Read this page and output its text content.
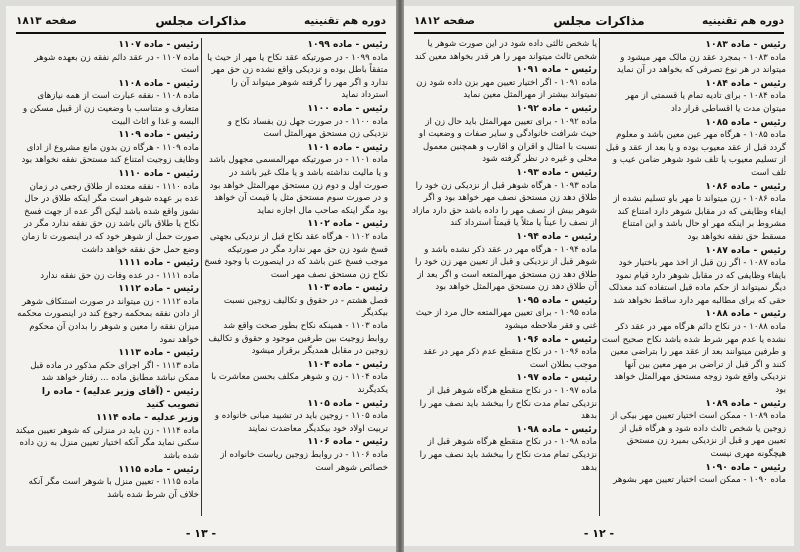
دوره هم تقنینیه
مذاکرات مجلس
صفحه ۱۸۱۳

رئیس - ماده ۱۰۹۹

ماده ۱۰۹۹ - در صورتیکه عقد نکاح یا مهر از حیث یا متفقاً باطل بوده و نزدیکی واقع نشده زن حق مهر ندارد و اگر مهر را گرفته شوهر میتواند آن را استرداد نماید

رئیس - ماده ۱۱۰۰

ماده ۱۱۰۰ - در صورت جهل زن بفساد نکاح و نزدیکی زن مستحق مهرالمثل است

رئیس - ماده ۱۱۰۱

ماده ۱۱۰۱ - در صورتیکه مهرالمسمی مجهول باشد و یا مالیت نداشته باشد و یا ملک غیر باشد در صورت اول و دوم زن مستحق مهرالمثل خواهد بود و در صورت سوم مستحق مثل یا قیمت آن خواهد بود مگر اینکه صاحب مال اجازه نماید

رئیس - ماده ۱۱۰۲

ماده ۱۱۰۲ - هرگاه عقد نکاح قبل از نزدیکی بجهتی فسخ شود زن حق مهر ندارد مگر در صورتیکه موجب فسخ عنن باشد که در اینصورت با وجود فسخ نکاح زن مستحق نصف مهر است

رئیس - ماده ۱۱۰۳

فصل هشتم - در حقوق و تکالیف زوجین نسبت بیکدیگر

ماده ۱۱۰۳ - همینکه نکاح بطور صحت واقع شد روابط زوجیت بین طرفین موجود و حقوق و تکالیف زوجین در مقابل همدیگر برقرار میشود

رئیس - ماده ۱۱۰۴

ماده ۱۱۰۴ - زن و شوهر مکلف بحسن معاشرت با یکدیگرند

رئیس - ماده ۱۱۰۵

ماده ۱۱۰۵ - زوجین باید در تشیید مبانی خانواده و تربیت اولاد خود بیکدیگر معاضدت نمایند

رئیس - ماده ۱۱۰۶

ماده ۱۱۰۶ - در روابط زوجین ریاست خانواده از خصائص شوهر است

رئیس - ماده ۱۱۰۷

ماده ۱۱۰۷ - در عقد دائم نفقه زن بعهده شوهر است

رئیس - ماده ۱۱۰۸

ماده ۱۱۰۸ - نفقه عبارت است از همه نیازهای متعارف و متناسب با وضعیت زن از قبیل مسکن و البسه و غذا و اثاث البیت

رئیس - ماده ۱۱۰۹

ماده ۱۱۰۹ - هرگاه زن بدون مانع مشروع از ادای وظایف زوجیت امتناع کند مستحق نفقه نخواهد بود

رئیس - ماده ۱۱۱۰

ماده ۱۱۱۰ - نفقه معتده از طلاق رجعی در زمان عده بر عهده شوهر است مگر اینکه طلاق در حال نشوز واقع شده باشد لیکن اگر عده از جهت فسخ نکاح یا طلاق بائن باشد زن حق نفقه ندارد مگر در صورت حمل از شوهر خود که در اینصورت تا زمان وضع حمل حق نفقه خواهد داشت

رئیس - ماده ۱۱۱۱

ماده ۱۱۱۱ - در عده وفات زن حق نفقه ندارد

رئیس - ماده ۱۱۱۲

ماده ۱۱۱۲ - زن میتواند در صورت استنکاف شوهر از دادن نفقه بمحکمه رجوع کند در اینصورت محکمه میزان نفقه را معین و شوهر را بدادن آن محکوم خواهد نمود

رئیس - ماده ۱۱۱۳

ماده ۱۱۱۳ - اگر اجرای حکم مذکور در ماده قبل ممکن نباشد مطابق ماده ... رفتار خواهد شد

رئیس - (آقای وزیر عدلیه) - ماده را تصویب کنید

وزیر عدلیه - ماده ۱۱۱۴

ماده ۱۱۱۴ - زن باید در منزلی که شوهر تعیین میکند سکنی نماید مگر آنکه اختیار تعیین منزل به زن داده شده باشد

رئیس - ماده ۱۱۱۵

ماده ۱۱۱۵ - تعیین منزل با شوهر است مگر آنکه خلاف آن شرط شده باشد

- ۱۳ -
دوره هم تقنینیه
مذاکرات مجلس
صفحه ۱۸۱۲

رئیس - ماده ۱۰۸۳

ماده ۱۰۸۳ - بمجرد عقد زن مالک مهر میشود و میتواند در هر نوع تصرفی که بخواهد در آن نماید

رئیس - ماده ۱۰۸۴

ماده ۱۰۸۴ - برای تادیه تمام یا قسمتی از مهر میتوان مدت یا اقساطی قرار داد

رئیس - ماده ۱۰۸۵

ماده ۱۰۸۵ - هرگاه مهر عین معین باشد و معلوم گردد قبل از عقد معیوب بوده و یا بعد از عقد و قبل از تسلیم معیوب یا تلف شود شوهر ضامن عیب و تلف است

رئیس - ماده ۱۰۸۶

ماده ۱۰۸۶ - زن میتواند تا مهر باو تسلیم نشده از ایفاء وظایفی که در مقابل شوهر دارد امتناع کند مشروط بر اینکه مهر او حال باشد و این امتناع مسقط حق نفقه نخواهد بود

رئیس - ماده ۱۰۸۷

ماده ۱۰۸۷ - اگر زن قبل از اخذ مهر باختیار خود بایفاء وظایفی که در مقابل شوهر دارد قیام نمود دیگر نمیتواند از حکم ماده قبل استفاده کند معذلک حقی که برای مطالبه مهر دارد ساقط نخواهد شد

رئیس - ماده ۱۰۸۸

ماده ۱۰۸۸ - در نکاح دائم هرگاه مهر در عقد ذکر نشده یا عدم مهر شرط شده باشد نکاح صحیح است و طرفین میتوانند بعد از عقد مهر را بتراضی معین کنند و اگر قبل از تراضی بر مهر معین بین آنها نزدیکی واقع شود زوجه مستحق مهرالمثل خواهد بود

رئیس - ماده ۱۰۸۹

ماده ۱۰۸۹ - ممکن است اختیار تعیین مهر بیکی از زوجین یا شخص ثالث داده شود و هرگاه قبل از تعیین مهر و قبل از نزدیکی بمیرد زن مستحق هیچگونه مهری نیست

رئیس - ماده ۱۰۹۰

ماده ۱۰۹۰ - ممکن است اختیار تعیین مهر بشوهر

یا شخص ثالثی داده شود در این صورت شوهر یا شخص ثالث میتواند مهر را هر قدر بخواهد معین کند

رئیس - ماده ۱۰۹۱

ماده ۱۰۹۱ - اگر اختیار تعیین مهر بزن داده شود زن نمیتواند بیشتر از مهرالمثل معین نماید

رئیس - ماده ۱۰۹۲

ماده ۱۰۹۲ - برای تعیین مهرالمثل باید حال زن از حیث شرافت خانوادگی و سایر صفات و وضعیت او نسبت با امثال و اقران و اقارب و همچنین معمول محلی و غیره در نظر گرفته شود

رئیس - ماده ۱۰۹۳

ماده ۱۰۹۳ - هرگاه شوهر قبل از نزدیکی زن خود را طلاق دهد زن مستحق نصف مهر خواهد بود و اگر شوهر بیش از نصف مهر را داده باشد حق دارد مازاد از نصف را عیناً یا مثلاً یا قیمتاً استرداد کند

رئیس - ماده ۱۰۹۴

ماده ۱۰۹۴ - هرگاه مهر در عقد ذکر نشده باشد و شوهر قبل از نزدیکی و قبل از تعیین مهر زن خود را طلاق دهد زن مستحق مهرالمتعه است و اگر بعد از آن طلاق دهد زن مستحق مهرالمثل خواهد بود

رئیس - ماده ۱۰۹۵

ماده ۱۰۹۵ - برای تعیین مهرالمتعه حال مرد از حیث غنی و فقر ملاحظه میشود

رئیس - ماده ۱۰۹۶

ماده ۱۰۹۶ - در نکاح منقطع عدم ذکر مهر در عقد موجب بطلان است

رئیس - ماده ۱۰۹۷

ماده ۱۰۹۷ - در نکاح منقطع هرگاه شوهر قبل از نزدیکی تمام مدت نکاح را ببخشد باید نصف مهر را بدهد

رئیس - ماده ۱۰۹۸

ماده ۱۰۹۸ - در نکاح منقطع هرگاه شوهر قبل از نزدیکی تمام مدت نکاح را ببخشد باید نصف مهر را بدهد

- ۱۲ -
